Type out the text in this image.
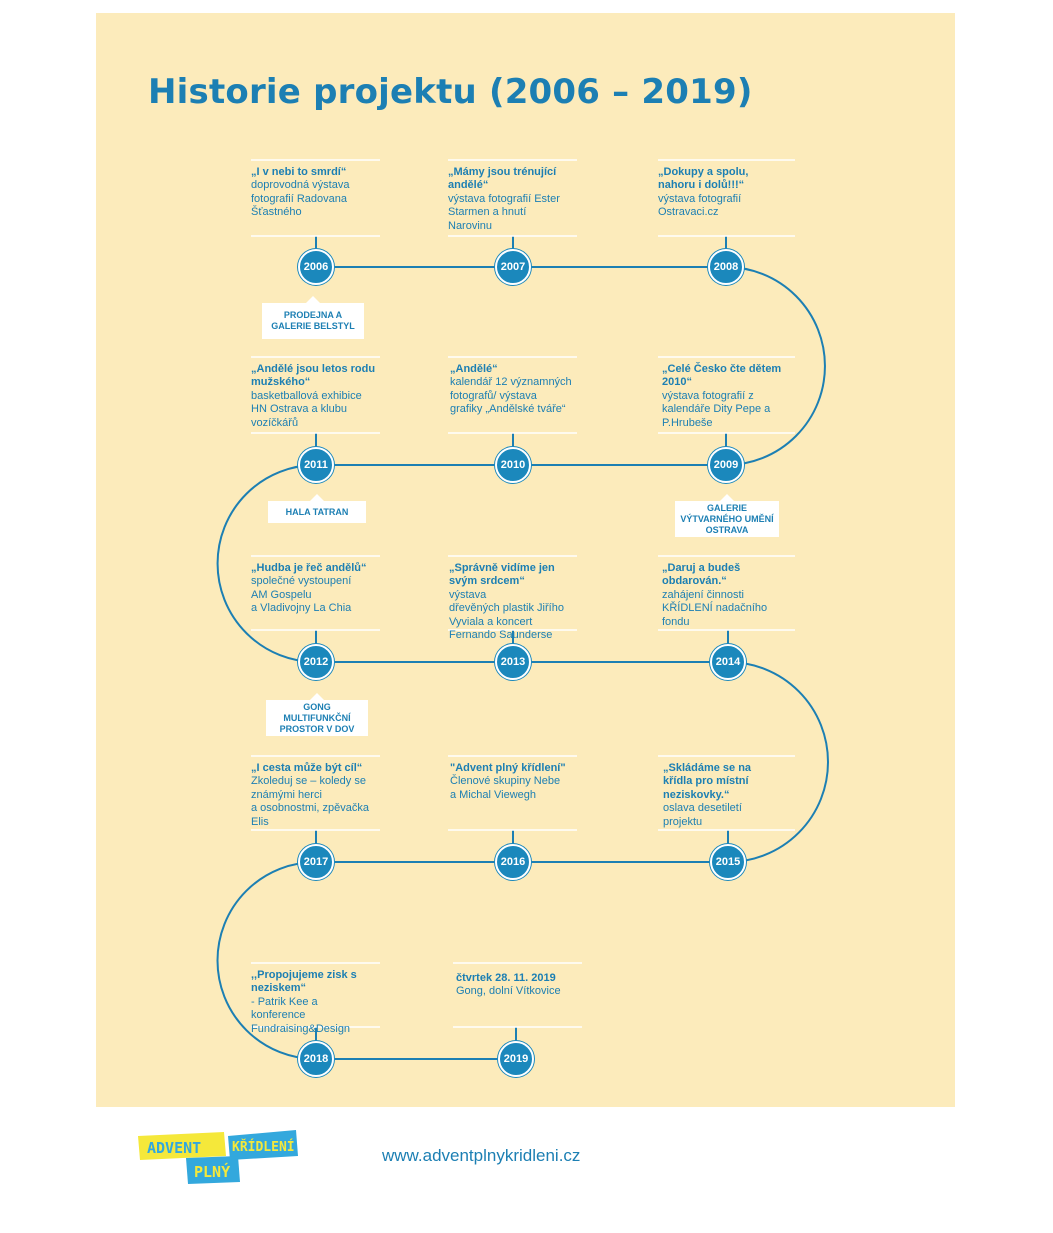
Historie projektu (2006 – 2019)
„I v nebi to smrdí“
doprovodná výstava
fotografií Radovana
Šťastného
„Mámy jsou trénující andělé“
výstava fotografií Ester
Starmen a hnutí
Narovinu
„Dokupy a spolu, nahoru i dolů!!!“
výstava fotografií
Ostravaci.cz
„Andělé jsou letos rodu mužského“
basketballová exhibice
HN Ostrava a klubu
vozíčkářů
„Andělé“
kalendář 12 významných
fotografů/ výstava
grafiky „Andělské tváře“
„Celé Česko čte dětem 2010“
výstava fotografií z
kalendáře Dity Pepe a
P.Hrubeše
„Hudba je řeč andělů“
společné vystoupení
AM Gospelu
a Vladivojny La Chia
„Správně vidíme jen svým srdcem“
výstava
dřevěných plastik Jiřího
Vyviala a koncert
Fernando Saunderse
„Daruj a budeš obdarován.“
zahájení činnosti
KŘÍDLENÍ nadačního
fondu
„I cesta může být cíl“
Zkoleduj se – koledy se
známými herci
a osobnostmi, zpěvačka
Elis
"Advent plný křídlení"
Členové skupiny Nebe
a Michal Viewegh
„Skládáme se na křídla pro místní neziskovky.“
oslava desetiletí
projektu
,,Propojujeme zisk s neziskem“
- Patrik Kee a
konference
Fundraising&Design
čtvrtek 28. 11. 2019
Gong, dolní Vítkovice
2006	2007	2008
2011	2010	2009
2012	2013	2014
2017	2016	2015
2018	2019
PRODEJNA A GALERIE BELSTYL
HALA TATRAN	GALERIE VÝTVARNÉHO UMĚNÍ OSTRAVA
GONG MULTIFUNKČNÍ PROSTOR V DOV
ADVENT KŘÍDLENÍ
PLNÝ
www.adventplnykridleni.cz
